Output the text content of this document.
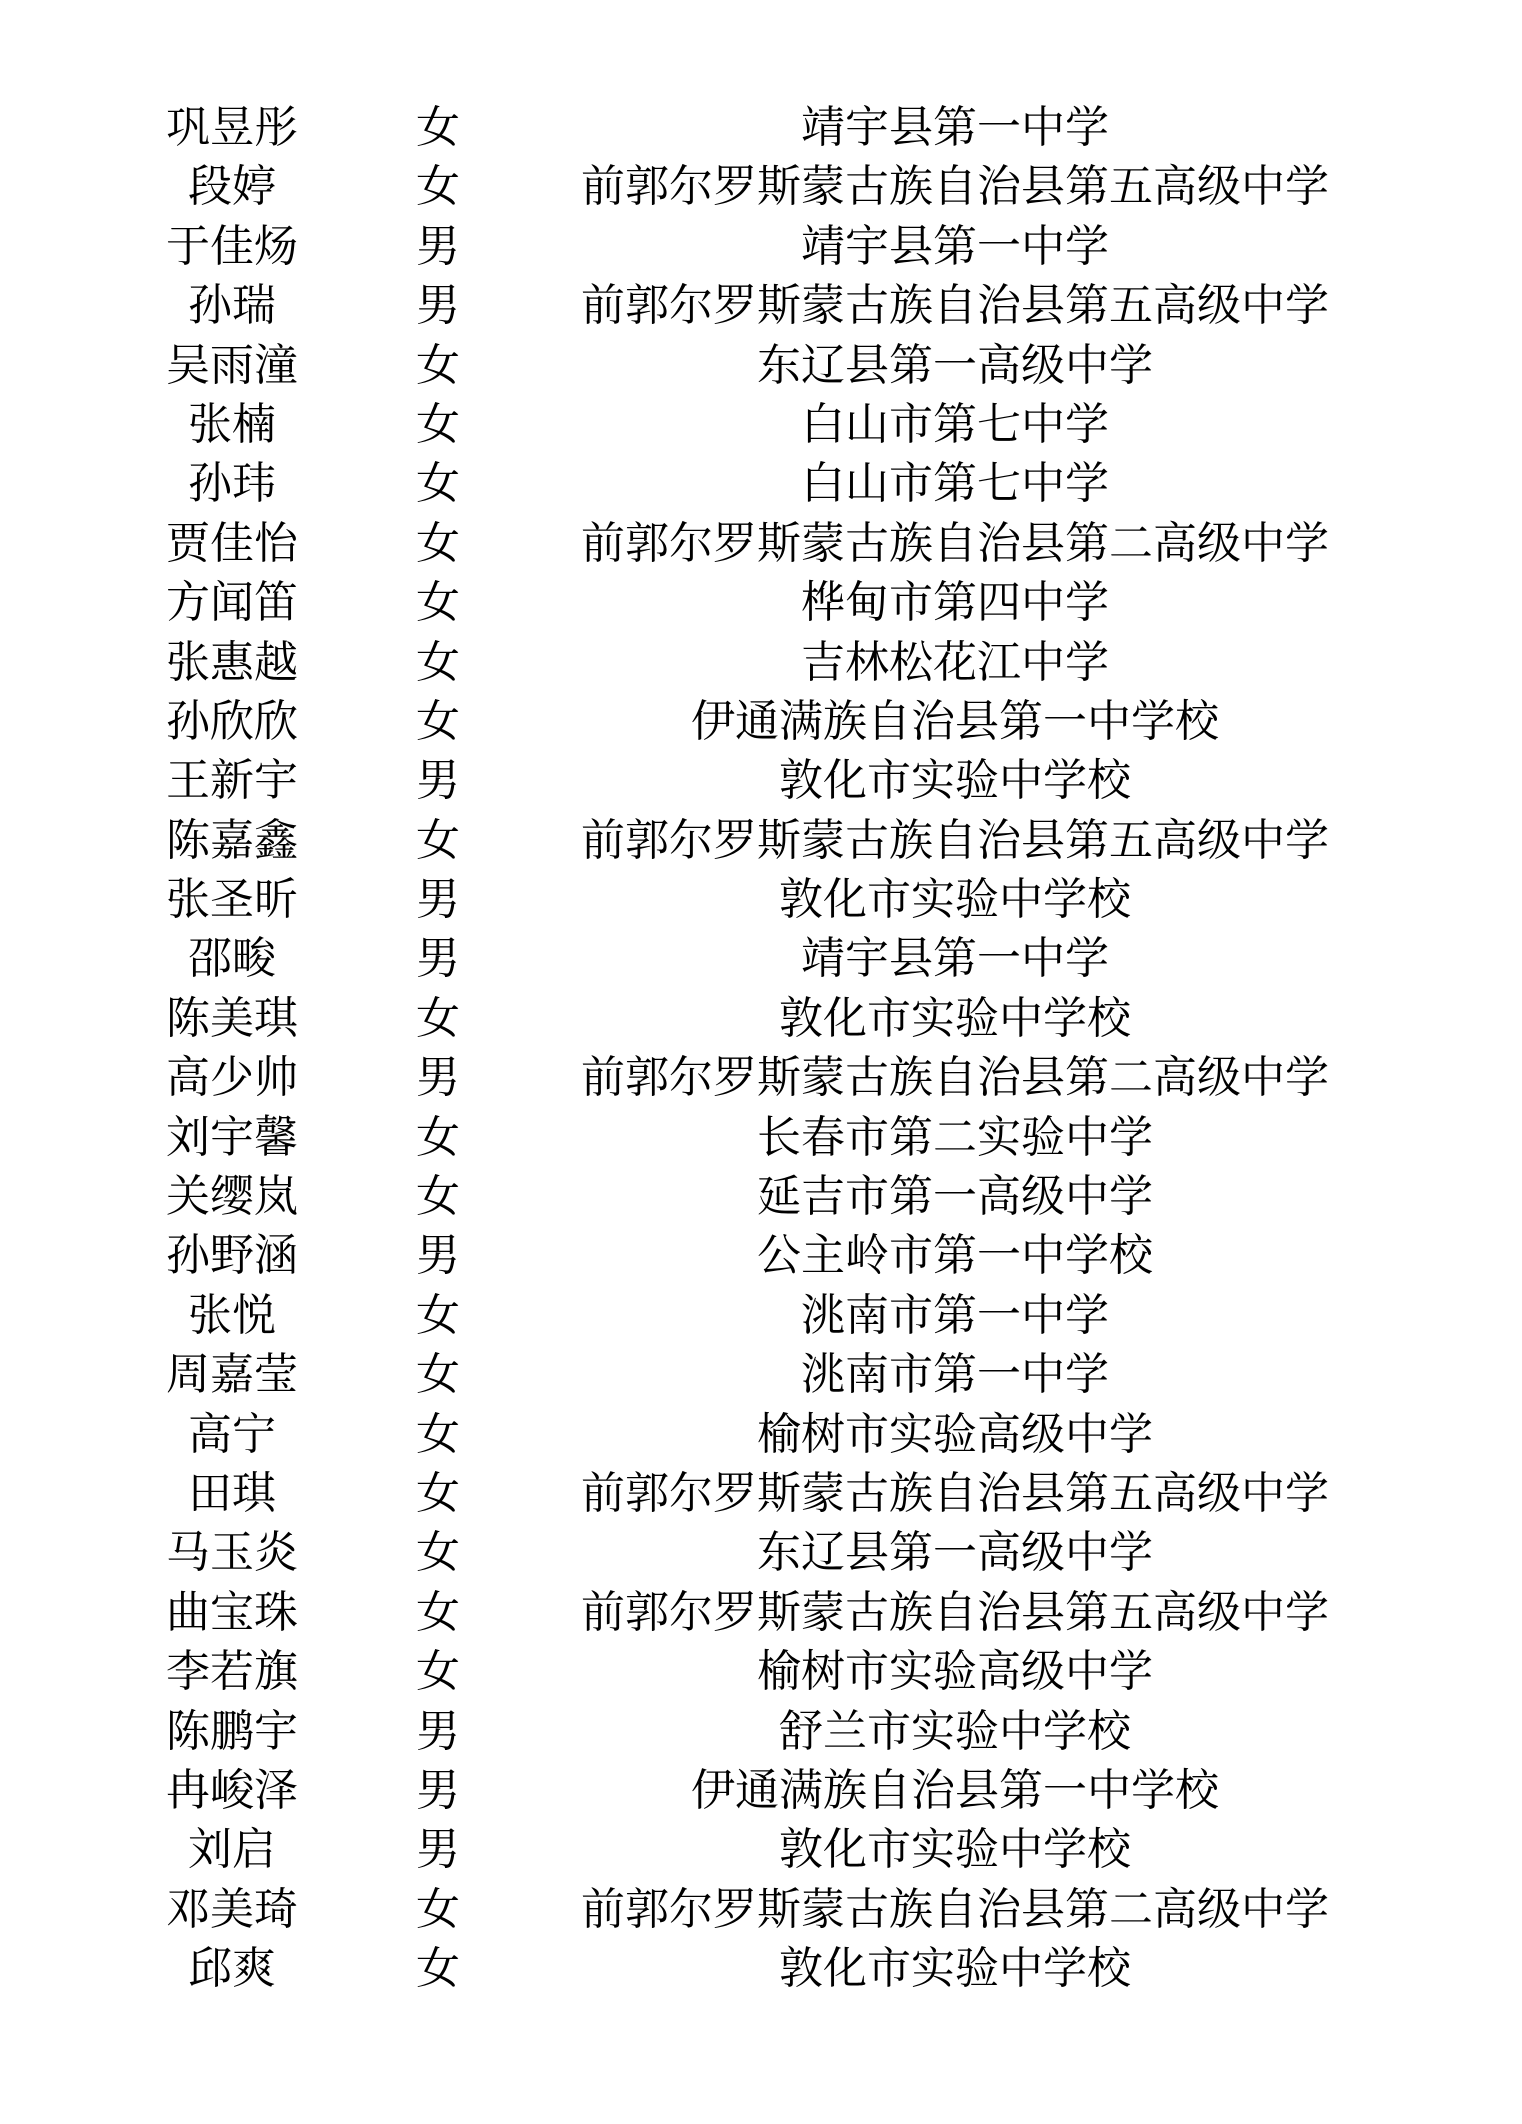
巩昱彤	女	靖宇县第一中学
段婷	女	前郭尔罗斯蒙古族自治县第五高级中学
于佳炀	男	靖宇县第一中学
孙瑞	男	前郭尔罗斯蒙古族自治县第五高级中学
吴雨潼	女	东辽县第一高级中学
张楠	女	白山市第七中学
孙玮	女	白山市第七中学
贾佳怡	女	前郭尔罗斯蒙古族自治县第二高级中学
方闻笛	女	桦甸市第四中学
张惠越	女	吉林松花江中学
孙欣欣	女	伊通满族自治县第一中学校
王新宇	男	敦化市实验中学校
陈嘉鑫	女	前郭尔罗斯蒙古族自治县第五高级中学
张圣昕	男	敦化市实验中学校
邵畯	男	靖宇县第一中学
陈美琪	女	敦化市实验中学校
高少帅	男	前郭尔罗斯蒙古族自治县第二高级中学
刘宇馨	女	长春市第二实验中学
关缨岚	女	延吉市第一高级中学
孙野涵	男	公主岭市第一中学校
张悦	女	洮南市第一中学
周嘉莹	女	洮南市第一中学
高宁	女	榆树市实验高级中学
田琪	女	前郭尔罗斯蒙古族自治县第五高级中学
马玉炎	女	东辽县第一高级中学
曲宝珠	女	前郭尔罗斯蒙古族自治县第五高级中学
李若旗	女	榆树市实验高级中学
陈鹏宇	男	舒兰市实验中学校
冉峻泽	男	伊通满族自治县第一中学校
刘启	男	敦化市实验中学校
邓美琦	女	前郭尔罗斯蒙古族自治县第二高级中学
邱爽	女	敦化市实验中学校
